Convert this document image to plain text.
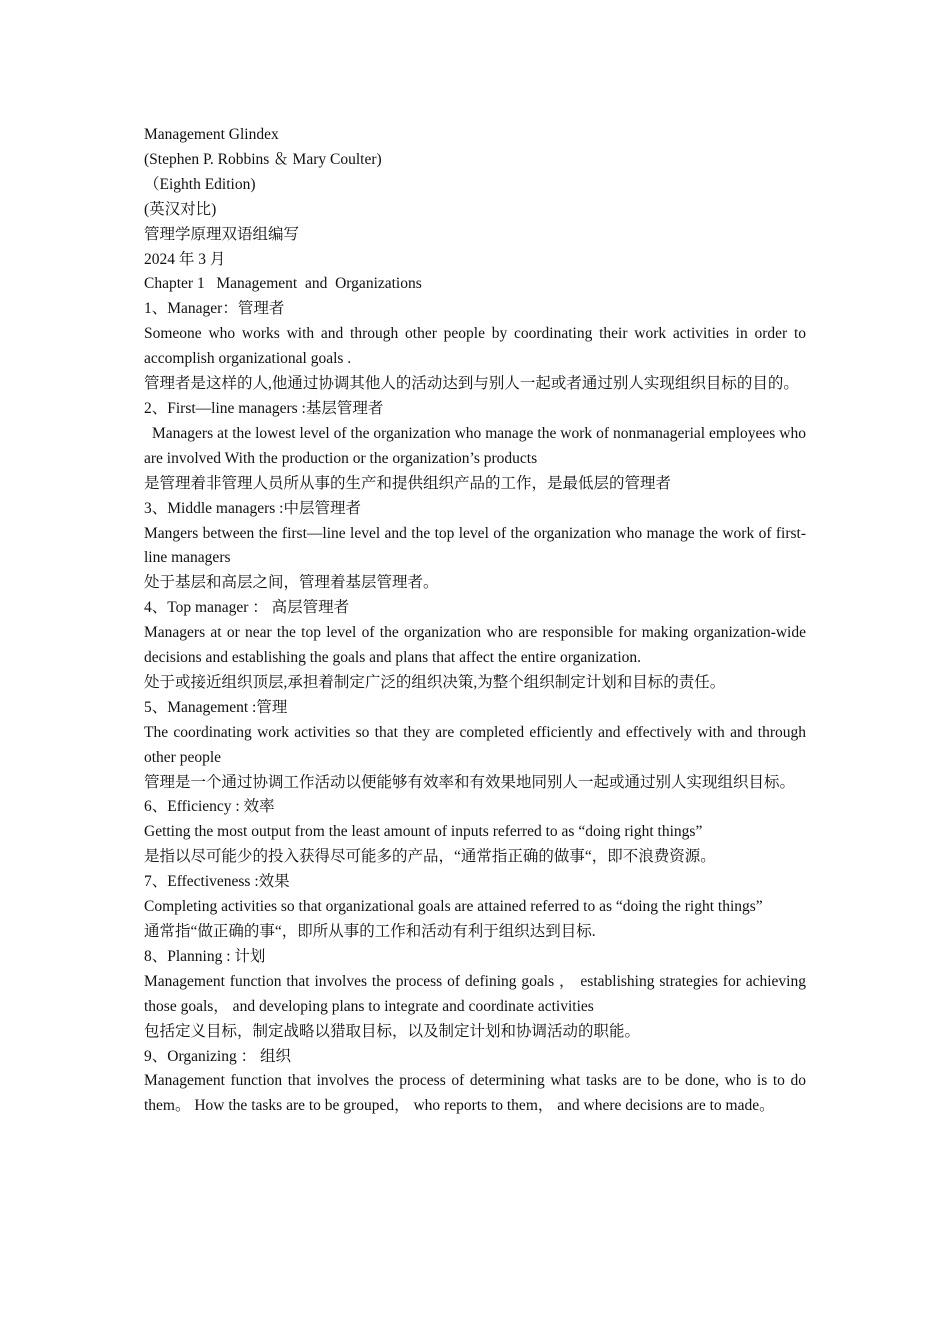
Management Glindex

(Stephen P. Robbins ＆ Mary Coulter)

（Eighth Edition)

(英汉对比)

管理学原理双语组编写

2024 年 3 月

Chapter 1   Management  and  Organizations

1、Manager：管理者

Someone who works with and through other people by coordinating their work activities in order to accomplish organizational goals .

管理者是这样的人,他通过协调其他人的活动达到与别人一起或者通过别人实现组织目标的目的。

2、First—line managers :基层管理者

Managers at the lowest level of the organization who manage the work of nonmanagerial employees who are involved With the production or the organization’s products

是管理着非管理人员所从事的生产和提供组织产品的工作，是最低层的管理者

3、Middle managers :中层管理者

Mangers between the first—line level and the top level of the organization who manage the work of first-line managers

处于基层和高层之间，管理着基层管理者。

4、Top manager ： 高层管理者

Managers at or near the top level of the organization who are responsible for making organization-wide decisions and establishing the goals and plans that affect the entire organization.

处于或接近组织顶层,承担着制定广泛的组织决策,为整个组织制定计划和目标的责任。

5、Management :管理

The coordinating work activities so that they are completed efficiently and effectively with and through other people

管理是一个通过协调工作活动以便能够有效率和有效果地同别人一起或通过别人实现组织目标。

6、Efficiency : 效率

Getting the most output from the least amount of inputs referred to as “doing right things”

是指以尽可能少的投入获得尽可能多的产品，“通常指正确的做事“，即不浪费资源。

7、Effectiveness :效果

Completing activities so that organizational goals are attained referred to as “doing the right things”

通常指“做正确的事“，即所从事的工作和活动有利于组织达到目标.

8、Planning : 计划

Management function that involves the process of defining goals ， establishing strategies for achieving those goals， and developing plans to integrate and coordinate activities

包括定义目标，制定战略以猎取目标，以及制定计划和协调活动的职能。

9、Organizing ： 组织

Management function that involves the process of determining what tasks are to be done, who is to do them。 How the tasks are to be grouped， who reports to them， and where decisions are to made。
